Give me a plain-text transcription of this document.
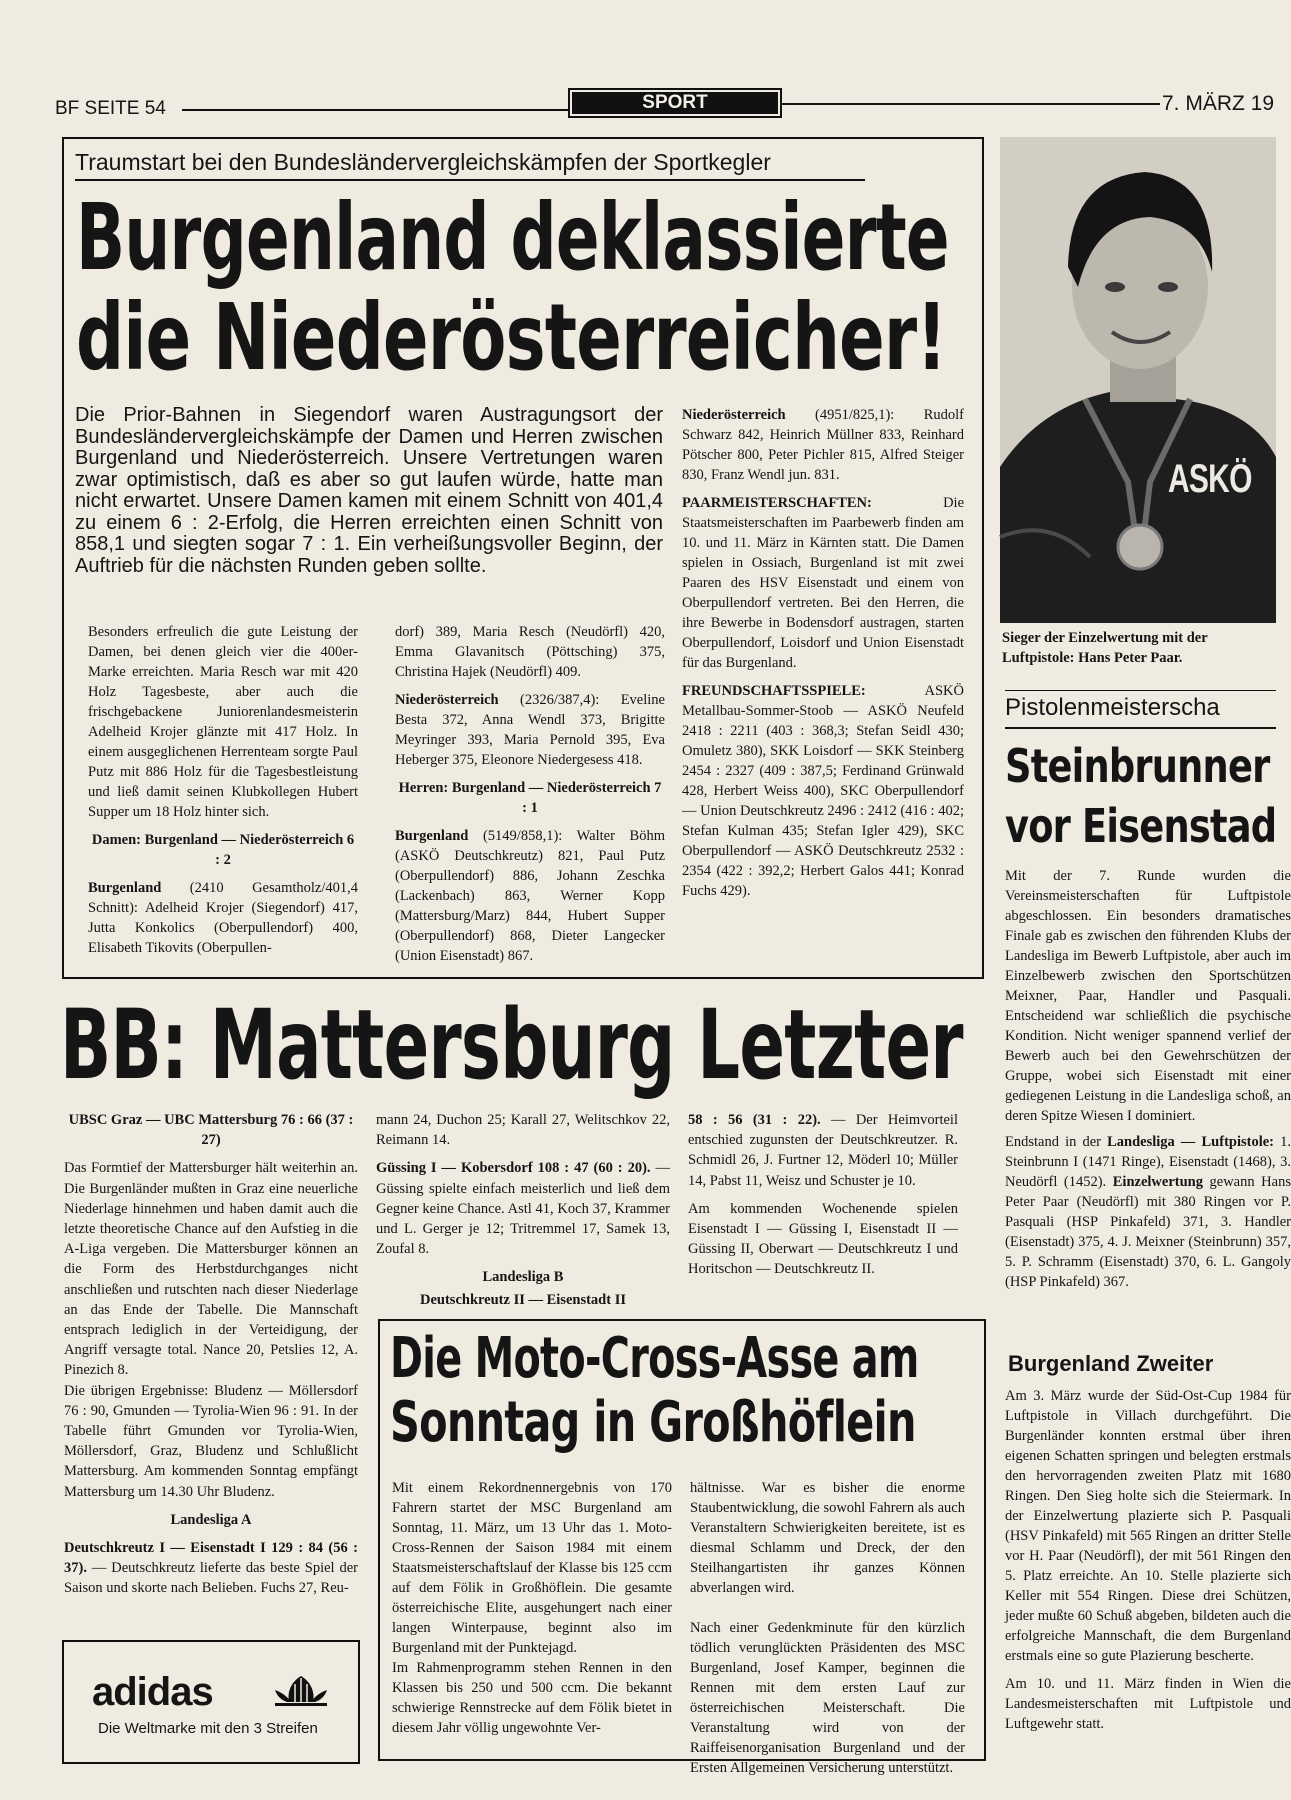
BF SEITE 54	SPORT	7. MÄRZ 19
Traumstart bei den Bundesländervergleichskämpfen der Sportkegler
Burgenland deklassierte
die Niederösterreicher!
Die Prior-Bahnen in Siegendorf waren Austragungsort der Bundesländervergleichskämpfe der Damen und Herren zwischen Burgenland und Niederösterreich. Unsere Vertretungen waren zwar optimistisch, daß es aber so gut laufen würde, hatte man nicht erwartet. Unsere Damen kamen mit einem Schnitt von 401,4 zu einem 6 : 2-Erfolg, die Herren erreichten einen Schnitt von 858,1 und siegten sogar 7 : 1. Ein verheißungsvoller Beginn, der Auftrieb für die nächsten Runden geben sollte.

Besonders erfreulich die gute Leistung der Damen, bei denen gleich vier die 400er-Marke erreichten. Maria Resch war mit 420 Holz Tagesbeste, aber auch die frischgebackene Juniorenlandesmeisterin Adelheid Krojer glänzte mit 417 Holz. In einem ausgeglichenen Herrenteam sorgte Paul Putz mit 886 Holz für die Tagesbestleistung und ließ damit seinen Klubkollegen Hubert Supper um 18 Holz hinter sich.

Damen: Burgenland — Niederösterreich 6 : 2

Burgenland (2410 Gesamtholz/401,4 Schnitt): Adelheid Krojer (Siegendorf) 417, Jutta Konkolics (Oberpullendorf) 400, Elisabeth Tikovits (Oberpullen-

dorf) 389, Maria Resch (Neudörfl) 420, Emma Glavanitsch (Pöttsching) 375, Christina Hajek (Neudörfl) 409.

Niederösterreich (2326/387,4): Eveline Besta 372, Anna Wendl 373, Brigitte Meyringer 393, Maria Pernold 395, Eva Heberger 375, Eleonore Niedergesess 418.

Herren: Burgenland — Niederösterreich 7 : 1

Burgenland (5149/858,1): Walter Böhm (ASKÖ Deutschkreutz) 821, Paul Putz (Oberpullendorf) 886, Johann Zeschka (Lackenbach) 863, Werner Kopp (Mattersburg/Marz) 844, Hubert Supper (Oberpullendorf) 868, Dieter Langecker (Union Eisenstadt) 867.

Niederösterreich (4951/825,1): Rudolf Schwarz 842, Heinrich Müllner 833, Reinhard Pötscher 800, Peter Pichler 815, Alfred Steiger 830, Franz Wendl jun. 831.

PAARMEISTERSCHAFTEN: Die Staatsmeisterschaften im Paarbewerb finden am 10. und 11. März in Kärnten statt. Die Damen spielen in Ossiach, Burgenland ist mit zwei Paaren des HSV Eisenstadt und einem von Oberpullendorf vertreten. Bei den Herren, die ihre Bewerbe in Bodensdorf austragen, starten Oberpullendorf, Loisdorf und Union Eisenstadt für das Burgenland.

FREUNDSCHAFTSSPIELE: ASKÖ Metallbau-Sommer-Stoob — ASKÖ Neufeld 2418 : 2211 (403 : 368,3; Stefan Seidl 430; Omuletz 380), SKK Loisdorf — SKK Steinberg 2454 : 2327 (409 : 387,5; Ferdinand Grünwald 428, Herbert Weiss 400), SKC Oberpullendorf — Union Deutschkreutz 2496 : 2412 (416 : 402; Stefan Kulman 435; Stefan Igler 429), SKC Oberpullendorf — ASKÖ Deutschkreutz 2532 : 2354 (422 : 392,2; Herbert Galos 441; Konrad Fuchs 429).

ASKÖ
Sieger der Einzelwertung mit der Luftpistole: Hans Peter Paar.
Pistolenmeisterscha
Steinbrunner
vor Eisenstad

Mit der 7. Runde wurden die Vereinsmeisterschaften für Luftpistole abgeschlossen. Ein besonders dramatisches Finale gab es zwischen den führenden Klubs der Landesliga im Bewerb Luftpistole, aber auch im Einzelbewerb zwischen den Sportschützen Meixner, Paar, Handler und Pasquali. Entscheidend war schließlich die psychische Kondition. Nicht weniger spannend verlief der Bewerb auch bei den Gewehrschützen der Gruppe, wobei sich Eisenstadt mit einer gediegenen Leistung in die Landesliga schoß, an deren Spitze Wiesen I dominiert.

Endstand in der Landesliga — Luftpistole: 1. Steinbrunn I (1471 Ringe), Eisenstadt (1468), 3. Neudörfl (1452). Einzelwertung gewann Hans Peter Paar (Neudörfl) mit 380 Ringen vor P. Pasquali (HSP Pinkafeld) 371, 3. Handler (Eisenstadt) 375, 4. J. Meixner (Steinbrunn) 357, 5. P. Schramm (Eisenstadt) 370, 6. L. Gangoly (HSP Pinkafeld) 367.

Burgenland Zweiter

Am 3. März wurde der Süd-Ost-Cup 1984 für Luftpistole in Villach durchgeführt. Die Burgenländer konnten erstmal über ihren eigenen Schatten springen und belegten erstmals den hervorragenden zweiten Platz mit 1680 Ringen. Den Sieg holte sich die Steiermark. In der Einzelwertung plazierte sich P. Pasquali (HSV Pinkafeld) mit 565 Ringen an dritter Stelle vor H. Paar (Neudörfl), der mit 561 Ringen den 5. Platz erreichte. An 10. Stelle plazierte sich Keller mit 554 Ringen. Diese drei Schützen, jeder mußte 60 Schuß abgeben, bildeten auch die erfolgreiche Mannschaft, die dem Burgenland erstmals eine so gute Plazierung bescherte.

Am 10. und 11. März finden in Wien die Landesmeisterschaften mit Luftpistole und Luftgewehr statt.

BB: Mattersburg Letzter

UBSC Graz — UBC Mattersburg 76 : 66 (37 : 27)

Das Formtief der Mattersburger hält weiterhin an. Die Burgenländer mußten in Graz eine neuerliche Niederlage hinnehmen und haben damit auch die letzte theoretische Chance auf den Aufstieg in die A-Liga vergeben. Die Mattersburger können an die Form des Herbstdurchganges nicht anschließen und rutschten nach dieser Niederlage an das Ende der Tabelle. Die Mannschaft entsprach lediglich in der Verteidigung, der Angriff versagte total. Nance 20, Petslies 12, A. Pinezich 8.

Die übrigen Ergebnisse: Bludenz — Möllersdorf 76 : 90, Gmunden — Tyrolia-Wien 96 : 91. In der Tabelle führt Gmunden vor Tyrolia-Wien, Möllersdorf, Graz, Bludenz und Schlußlicht Mattersburg. Am kommenden Sonntag empfängt Mattersburg um 14.30 Uhr Bludenz.

Landesliga A

Deutschkreutz I — Eisenstadt I 129 : 84 (56 : 37). — Deutschkreutz lieferte das beste Spiel der Saison und skorte nach Belieben. Fuchs 27, Reu-

mann 24, Duchon 25; Karall 27, Welitschkov 22, Reimann 14.

Güssing I — Kobersdorf 108 : 47 (60 : 20). — Güssing spielte einfach meisterlich und ließ dem Gegner keine Chance. Astl 41, Koch 37, Krammer und L. Gerger je 12; Tritremmel 17, Samek 13, Zoufal 8.

Landesliga B

Deutschkreutz II — Eisenstadt II

58 : 56 (31 : 22). — Der Heimvorteil entschied zugunsten der Deutschkreutzer. R. Schmidl 26, J. Furtner 12, Möderl 10; Müller 14, Pabst 11, Weisz und Schuster je 10.

Am kommenden Wochenende spielen Eisenstadt I — Güssing I, Eisenstadt II — Güssing II, Oberwart — Deutschkreutz I und Horitschon — Deutschkreutz II.

Die Moto-Cross-Asse am
Sonntag in Großhöflein

Mit einem Rekordnennergebnis von 170 Fahrern startet der MSC Burgenland am Sonntag, 11. März, um 13 Uhr das 1. Moto-Cross-Rennen der Saison 1984 mit einem Staatsmeisterschaftslauf der Klasse bis 125 ccm auf dem Fölik in Großhöflein. Die gesamte österreichische Elite, ausgehungert nach einer langen Winterpause, beginnt also im Burgenland mit der Punktejagd.

Im Rahmenprogramm stehen Rennen in den Klassen bis 250 und 500 ccm. Die bekannt schwierige Rennstrecke auf dem Fölik bietet in diesem Jahr völlig ungewohnte Ver-

hältnisse. War es bisher die enorme Staubentwicklung, die sowohl Fahrern als auch Veranstaltern Schwierigkeiten bereitete, ist es diesmal Schlamm und Dreck, der den Steilhangartisten ihr ganzes Können abverlangen wird.

Nach einer Gedenkminute für den kürzlich tödlich verunglückten Präsidenten des MSC Burgenland, Josef Kamper, beginnen die Rennen mit dem ersten Lauf zur österreichischen Meisterschaft. Die Veranstaltung wird von der Raiffeisenorganisation Burgenland und der Ersten Allgemeinen Versicherung unterstützt.

adidas
Die Weltmarke mit den 3 Streifen
